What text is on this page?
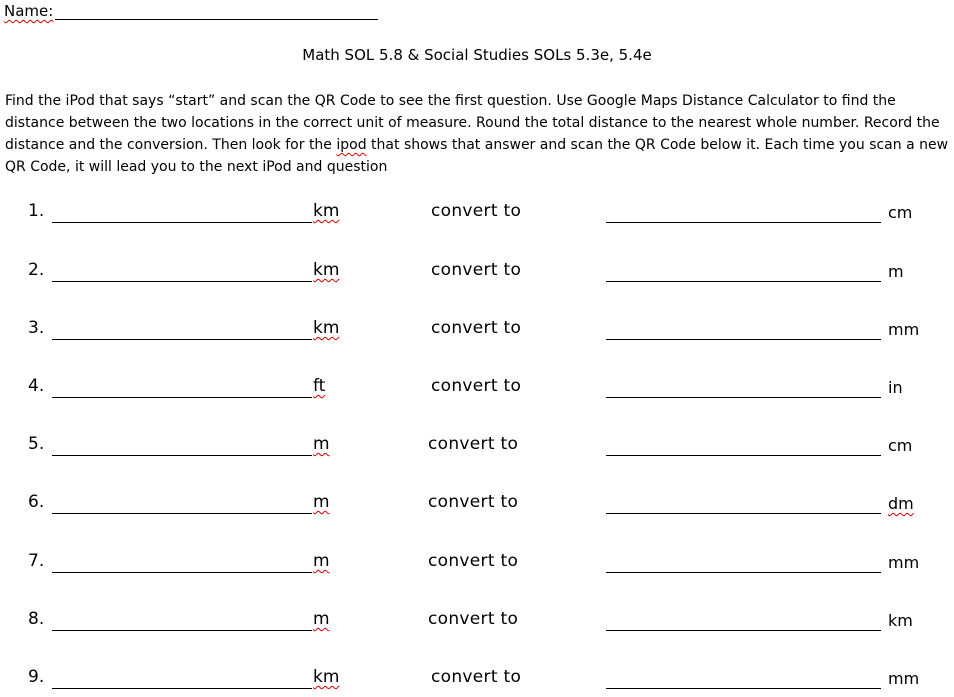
Name:
Math SOL 5.8 & Social Studies SOLs 5.3e, 5.4e

Find the iPod that says “start” and scan the QR Code to see the first question. Use Google Maps Distance Calculator to find the distance between the two locations in the correct unit of measure. Round the total distance to the nearest whole number. Record the distance and the conversion. Then look for the ipod that shows that answer and scan the QR Code below it. Each time you scan a new QR Code, it will lead you to the next iPod and question

1.	km	convert to	cm
2.	km	convert to	m
3.	km	convert to	mm
4.	ft	convert to	in
5.	m	convert to	cm
6.	m	convert to	dm
7.	m	convert to	mm
8.	m	convert to	km
9.	km	convert to	mm
